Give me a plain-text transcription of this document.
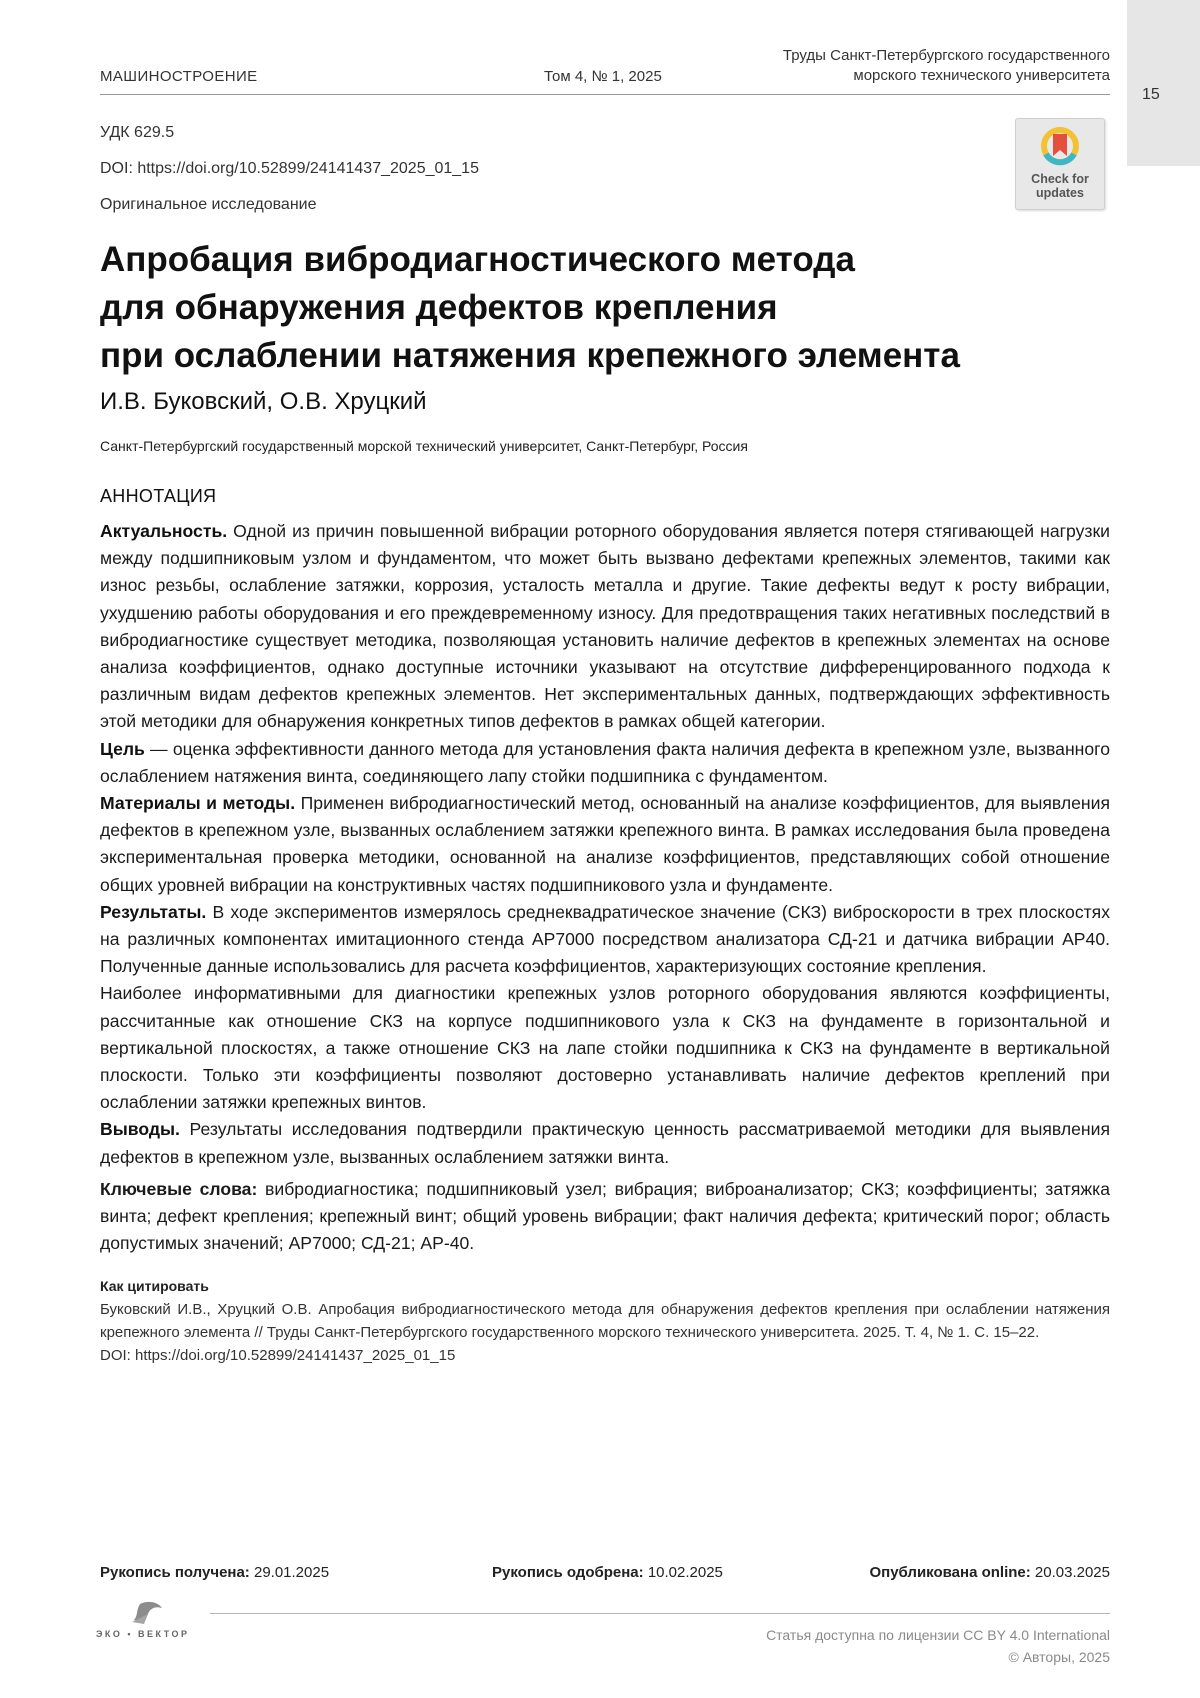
15
МАШИНОСТРОЕНИЕ	Том 4, № 1, 2025
Труды Санкт-Петербургского государственного
морского технического университета
УДК 629.5
DOI: https://doi.org/10.52899/24141437_2025_01_15
Оригинальное исследование
Check for
updates
Апробация вибродиагностического метода
для обнаружения дефектов крепления
при ослаблении натяжения крепежного элемента
И.В. Буковский, О.В. Хруцкий
Санкт-Петербургский государственный морской технический университет, Санкт-Петербург, Россия
АННОТАЦИЯ

Актуальность. Одной из причин повышенной вибрации роторного оборудования является потеря стягивающей нагрузки между подшипниковым узлом и фундаментом, что может быть вызвано дефектами крепежных элементов, такими как износ резьбы, ослабление затяжки, коррозия, усталость металла и другие. Такие дефекты ведут к росту вибрации, ухудшению работы оборудования и его преждевременному износу. Для предотвращения таких негативных последствий в вибродиагностике существует методика, позволяющая установить наличие дефектов в крепежных элементах на основе анализа коэффициентов, однако доступные источники указывают на отсутствие дифференцированного подхода к различным видам дефектов крепежных элементов. Нет экспериментальных данных, подтверждающих эффективность этой методики для обнаружения конкретных типов дефектов в рамках общей категории.

Цель — оценка эффективности данного метода для установления факта наличия дефекта в крепежном узле, вызванного ослаблением натяжения винта, соединяющего лапу стойки подшипника с фундаментом.

Материалы и методы. Применен вибродиагностический метод, основанный на анализе коэффициентов, для выявления дефектов в крепежном узле, вызванных ослаблением затяжки крепежного винта. В рамках исследования была проведена экспериментальная проверка методики, основанной на анализе коэффициентов, представляющих собой отношение общих уровней вибрации на конструктивных частях подшипникового узла и фундаменте.

Результаты. В ходе экспериментов измерялось среднеквадратическое значение (СКЗ) виброскорости в трех плоскостях на различных компонентах имитационного стенда АР7000 посредством анализатора СД-21 и датчика вибрации АР40. Полученные данные использовались для расчета коэффициентов, характеризующих состояние крепления.

Наиболее информативными для диагностики крепежных узлов роторного оборудования являются коэффициенты, рассчитанные как отношение СКЗ на корпусе подшипникового узла к СКЗ на фундаменте в горизонтальной и вертикальной плоскостях, а также отношение СКЗ на лапе стойки подшипника к СКЗ на фундаменте в вертикальной плоскости. Только эти коэффициенты позволяют достоверно устанавливать наличие дефектов креплений при ослаблении затяжки крепежных винтов.

Выводы. Результаты исследования подтвердили практическую ценность рассматриваемой методики для выявления дефектов в крепежном узле, вызванных ослаблением затяжки винта.

Ключевые слова: вибродиагностика; подшипниковый узел; вибрация; виброанализатор; СКЗ; коэффициенты; затяжка винта; дефект крепления; крепежный винт; общий уровень вибрации; факт наличия дефекта; критический порог; область допустимых значений; АР7000; СД-21; АР-40.
Как цитировать
Буковский И.В., Хруцкий О.В. Апробация вибродиагностического метода для обнаружения дефектов крепления при ослаблении натяжения крепежного элемента // Труды Санкт-Петербургского государственного морского технического университета. 2025. Т. 4, № 1. С. 15–22.
DOI: https://doi.org/10.52899/24141437_2025_01_15
Рукопись получена: 29.01.2025	Рукопись одобрена: 10.02.2025	Опубликована online: 20.03.2025
ЭКО • ВЕКТОР	Статья доступна по лицензии CC BY 4.0 International
© Авторы, 2025
